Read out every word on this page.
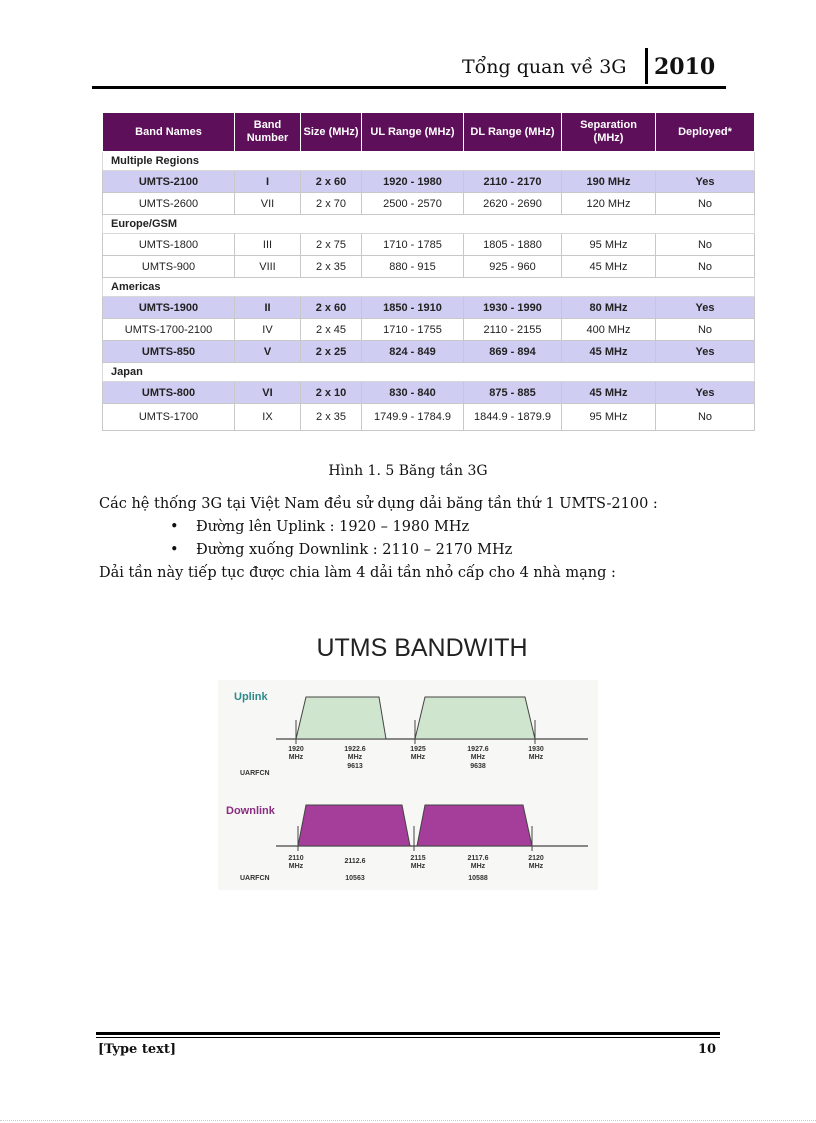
Tổng quan về 3G 2010
Band Names	Band Number	Size (MHz)	UL Range (MHz)	DL Range (MHz)	Separation (MHz)	Deployed*
Multiple Regions						
UMTS-2100	I	2 x 60	1920 - 1980	2110 - 2170	190 MHz	Yes
UMTS-2600	VII	2 x 70	2500 - 2570	2620 - 2690	120 MHz	No
Europe/GSM						
UMTS-1800	III	2 x 75	1710 - 1785	1805 - 1880	95 MHz	No
UMTS-900	VIII	2 x 35	880 - 915	925 - 960	45 MHz	No
Americas						
UMTS-1900	II	2 x 60	1850 - 1910	1930 - 1990	80 MHz	Yes
UMTS-1700-2100	IV	2 x 45	1710 - 1755	2110 - 2155	400 MHz	No
UMTS-850	V	2 x 25	824 - 849	869 - 894	45 MHz	Yes
Japan						
UMTS-800	VI	2 x 10	830 - 840	875 - 885	45 MHz	Yes
UMTS-1700	IX	2 x 35	1749.9 - 1784.9	1844.9 - 1879.9	95 MHz	No
Hình 1. 5 Băng tần 3G
Các hệ thống 3G tại Việt Nam đều sử dụng dải băng tần thứ 1 UMTS-2100 :
• Đường lên Uplink : 1920 – 1980 MHz
• Đường xuống Downlink : 2110 – 2170 MHz
Dải tần này tiếp tục được chia làm 4 dải tần nhỏ cấp cho 4 nhà mạng :
UTMS BANDWITH
Uplink
1920
MHz
1922.6
MHz
1925
MHz
1927.6
MHz
1930
MHz
9613	9638
UARFCN
Downlink
2110
MHz
2112.6	2115
MHz
2117.6
MHz
2120
MHz
10563	10588
UARFCN
[Type text]	10
